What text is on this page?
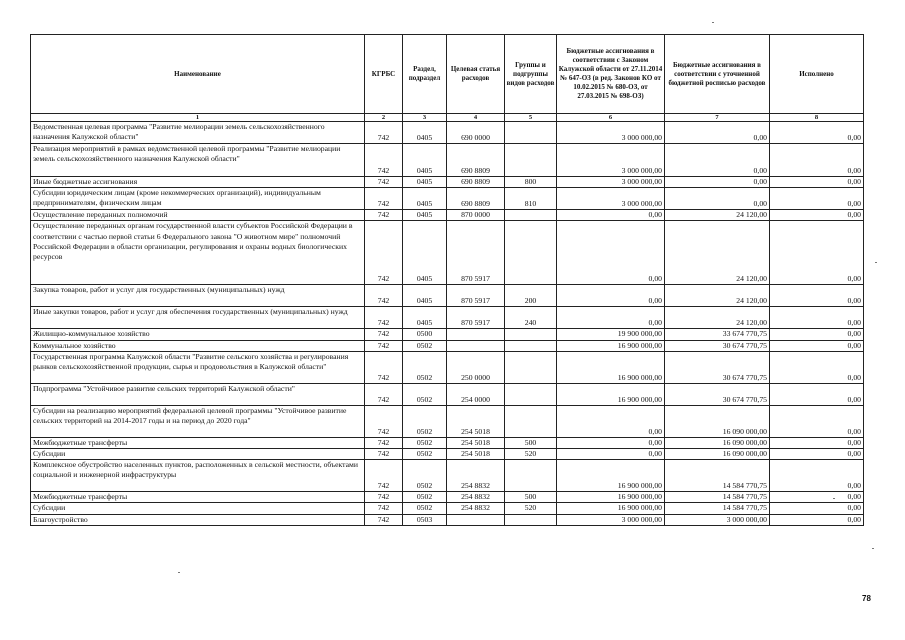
Наименование	КГРБС	Раздел, подраздел	Целевая статья расходов	Группы и подгруппы видов расходов	Бюджетные ассигнования в соответствии с Законом Калужской области от 27.11.2014 № 647-ОЗ (в ред. Законов КО от 10.02.2015 № 680-ОЗ, от 27.03.2015 № 698-ОЗ)	Бюджетные ассигнования в соответствии с уточненной бюджетной росписью расходов	Исполнено
1	2	3	4	5	6	7	8
Ведомственная целевая программа "Развитие мелиорации земель сельскохозяйственного назначения Калужской области"	742	0405	690 0000		3 000 000,00	0,00	0,00
Реализация мероприятий в рамках ведомственной целевой программы "Развитие мелиорации земель сельскохозяйственного назначения Калужской области"	742	0405	690 8809		3 000 000,00	0,00	0,00
Иные бюджетные ассигнования	742	0405	690 8809	800	3 000 000,00	0,00	0,00
Субсидии юридическим лицам (кроме некоммерческих организаций), индивидуальным предпринимателям, физическим лицам	742	0405	690 8809	810	3 000 000,00	0,00	0,00
Осуществление переданных полномочий	742	0405	870 0000		0,00	24 120,00	0,00
Осуществление переданных органам государственной власти субъектов Российской Федерации в соответствии с частью первой статьи 6 Федерального закона "О животном мире" полномочий Российской Федерации в области организации, регулирования и охраны водных биологических ресурсов	742	0405	870 5917		0,00	24 120,00	0,00
Закупка товаров, работ и услуг для государственных (муниципальных) нужд	742	0405	870 5917	200	0,00	24 120,00	0,00
Иные закупки товаров, работ и услуг для обеспечения государственных (муниципальных) нужд	742	0405	870 5917	240	0,00	24 120,00	0,00
Жилищно-коммунальное хозяйство	742	0500			19 900 000,00	33 674 770,75	0,00
Коммунальное хозяйство	742	0502			16 900 000,00	30 674 770,75	0,00
Государственная программа Калужской области "Развитие сельского хозяйства и регулирования рынков сельскохозяйственной продукции, сырья и продовольствия в Калужской области"	742	0502	250 0000		16 900 000,00	30 674 770,75	0,00
Подпрограмма "Устойчивое развитие сельских территорий Калужской области"	742	0502	254 0000		16 900 000,00	30 674 770,75	0,00
Субсидии на реализацию мероприятий федеральной целевой программы "Устойчивое развитие сельских территорий на 2014-2017 годы и на период до 2020 года"	742	0502	254 5018		0,00	16 090 000,00	0,00
Межбюджетные трансферты	742	0502	254 5018	500	0,00	16 090 000,00	0,00
Субсидии	742	0502	254 5018	520	0,00	16 090 000,00	0,00
Комплексное обустройство населенных пунктов, расположенных в сельской местности, объектами социальной и инженерной инфраструктуры	742	0502	254 8832		16 900 000,00	14 584 770,75	0,00
Межбюджетные трансферты	742	0502	254 8832	500	16 900 000,00	14 584 770,75	0,00
Субсидии	742	0502	254 8832	520	16 900 000,00	14 584 770,75	0,00
Благоустройство	742	0503			3 000 000,00	3 000 000,00	0,00
78
